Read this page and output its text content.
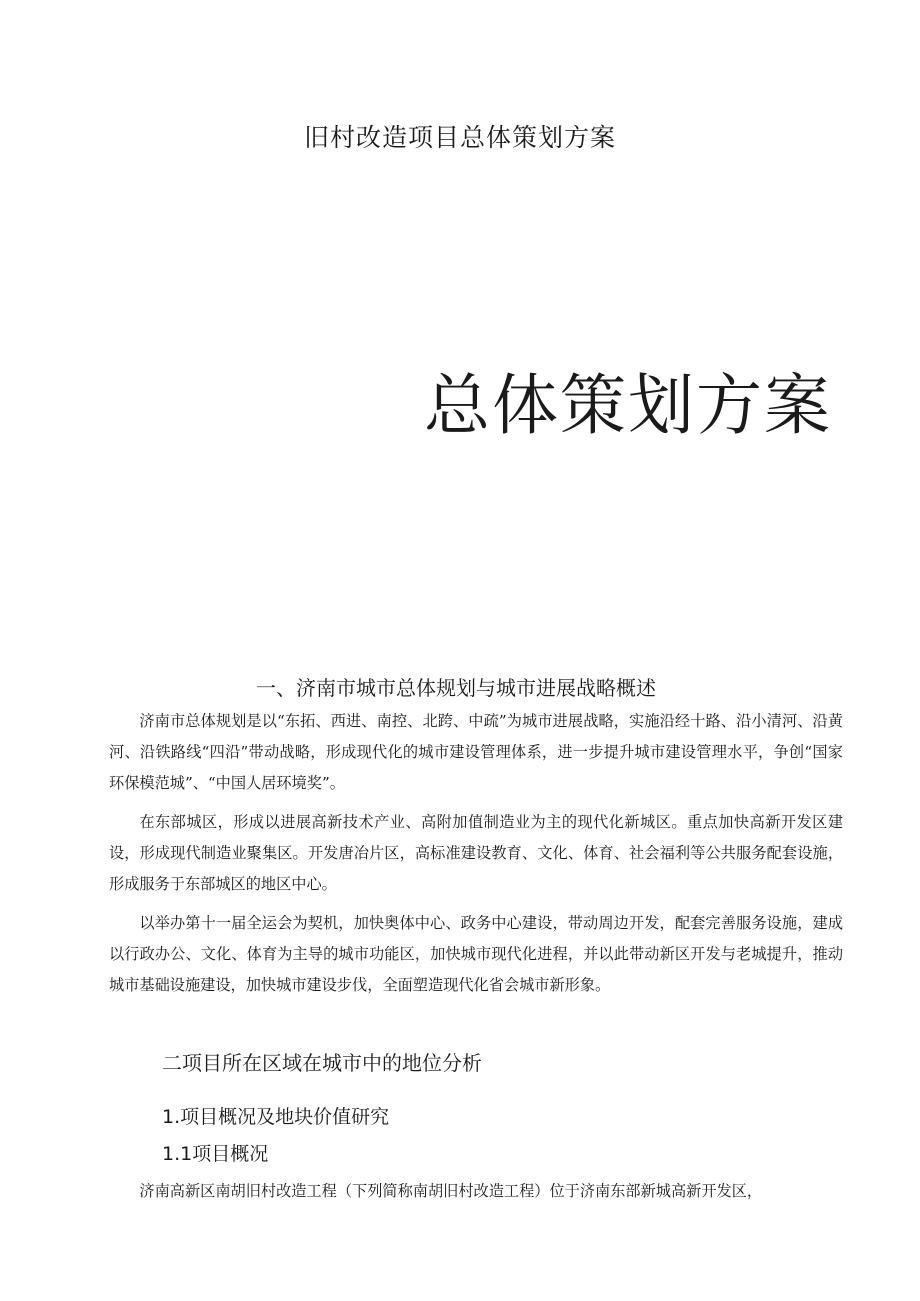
旧村改造项目总体策划方案
总体策划方案
一、济南市城市总体规划与城市进展战略概述

济南市总体规划是以“东拓、西进、南控、北跨、中疏”为城市进展战略，实施沿经十路、沿小清河、沿黄河、沿铁路线“四沿”带动战略，形成现代化的城市建设管理体系，进一步提升城市建设管理水平，争创“国家环保模范城”、“中国人居环境奖”。

在东部城区，形成以进展高新技术产业、高附加值制造业为主的现代化新城区。重点加快高新开发区建设，形成现代制造业聚集区。开发唐冶片区，高标准建设教育、文化、体育、社会福利等公共服务配套设施，形成服务于东部城区的地区中心。

以举办第十一届全运会为契机，加快奥体中心、政务中心建设，带动周边开发，配套完善服务设施，建成以行政办公、文化、体育为主导的城市功能区，加快城市现代化进程，并以此带动新区开发与老城提升，推动城市基础设施建设，加快城市建设步伐，全面塑造现代化省会城市新形象。

二项目所在区域在城市中的地位分析
1.项目概况及地块价值研究
1.1项目概况
济南高新区南胡旧村改造工程（下列简称南胡旧村改造工程）位于济南东部新城高新开发区，
